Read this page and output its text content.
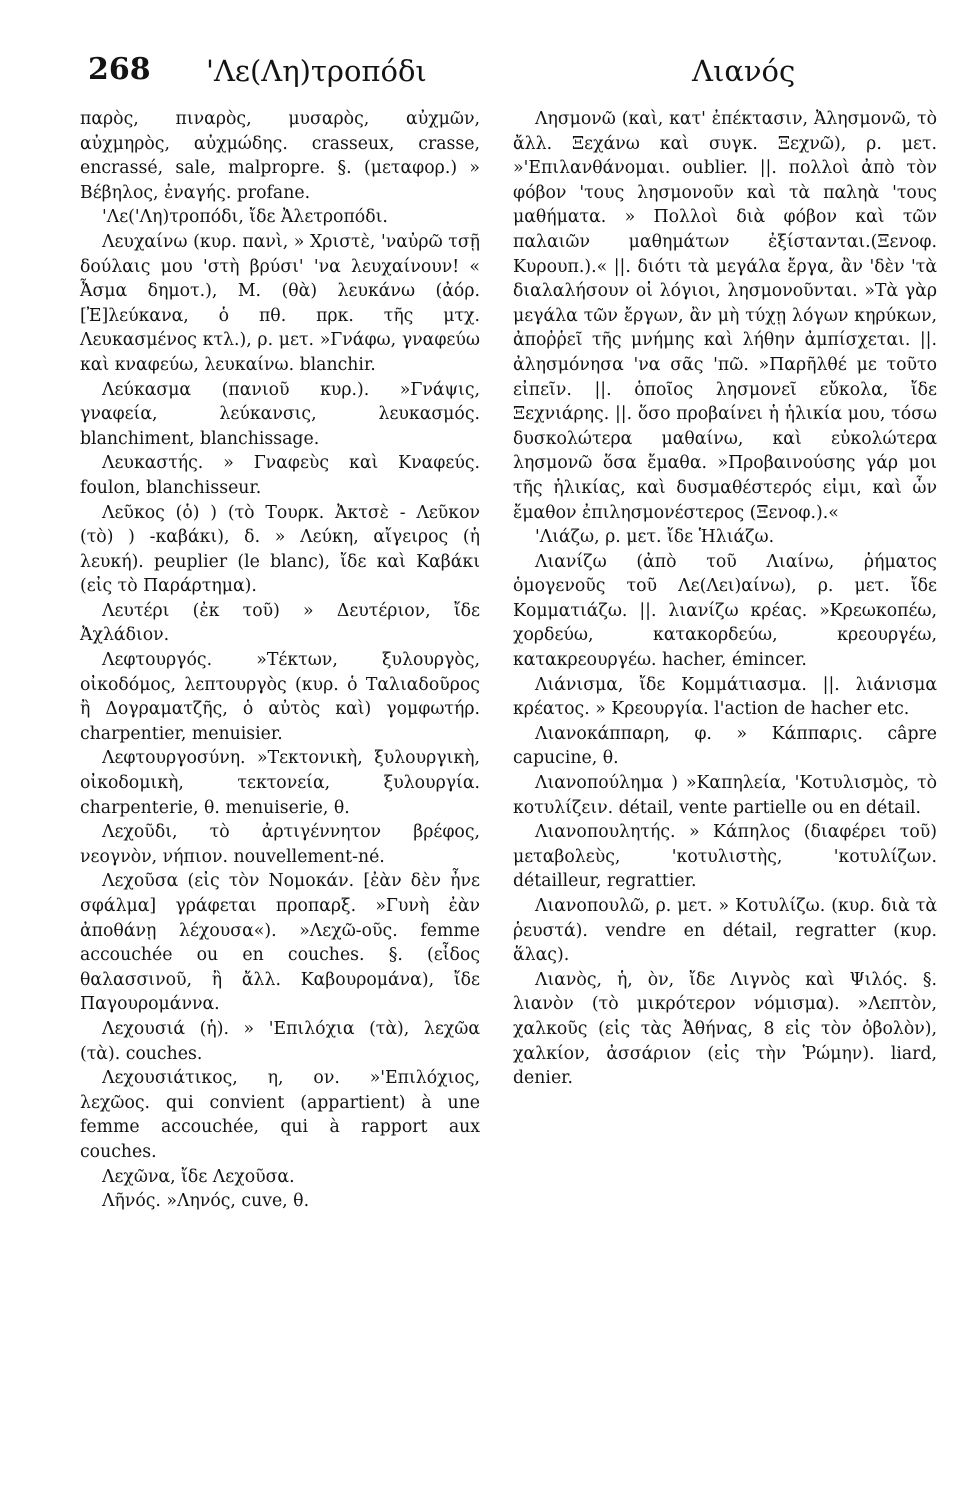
268 'Λε(Λη)τροπόδι	Λιανός

παρὸς, πιναρὸς, μυσαρὸς, αὐχμῶν, αὐχμηρὸς, αὐχμώδης. crasseux, crasse, encrassé, sale, malpropre. §. (μεταφορ.) » Βέβηλος, ἐναγής. profane.

'Λε('Λη)τροπόδι, ἴδε Ἀλετροπόδι.

Λευχαίνω (κυρ. πανὶ, » Χριστὲ, 'ναὐρῶ τσῇ δούλαις μου 'στὴ βρύσι' 'να λευχαίνουν! « Ἆσμα δημοτ.), Μ. (θὰ) λευκάνω (ἀόρ. [Ἐ]λεύκανα, ὁ πθ. πρκ. τῆς μτχ. Λευκασμένος κτλ.), ρ. μετ. »Γνάφω, γναφεύω καὶ κναφεύω, λευκαίνω. blanchir.

Λεύκασμα (πανιοῦ κυρ.). »Γνάψις, γναφεία, λεύκανσις, λευκασμός. blanchiment, blanchissage.

Λευκαστής. » Γναφεὺς καὶ Κναφεύς. foulon, blanchisseur.

Λεῦκος (ὁ) ) (τὸ Τουρκ. Ἀκτσὲ - Λεῦκον (τὸ) ) -καβάκι), δ. » Λεύκη, αἴγειρος (ἡ λευκή). peuplier (le blanc), ἴδε καὶ Καβάκι (εἰς τὸ Παράρτημα).

Λευτέρι (ἐκ τοῦ) » Δευτέριον, ἴδε Ἀχλάδιον.

Λεφτουργός. »Τέκτων, ξυλουργὸς, οἰκοδόμος, λεπτουργὸς (κυρ. ὁ Ταλιαδοῦρος ἢ Δογραματζῆς, ὁ αὐτὸς καὶ) γομφωτήρ. charpentier, menuisier.

Λεφτουργοσύνη. »Τεκτονικὴ, ξυλουργικὴ, οἰκοδομικὴ, τεκτονεία, ξυλουργία. charpenterie, θ. menuiserie, θ.

Λεχοῦδι, τὸ ἀρτιγέννητον βρέφος, νεογνὸν, νήπιον. nouvellement-né.

Λεχοῦσα (εἰς τὸν Νομοκάν. [ἐὰν δὲν ἦνε σφάλμα] γράφεται προπαρξ. »Γυνὴ ἐὰν ἀποθάνῃ λέχουσα«). »Λεχῶ-οῦς. femme accouchée ou en couches. §. (εἶδος θαλασσινοῦ, ἢ ἄλλ. Καβουρομάνα), ἴδε Παγουρομάννα.

Λεχουσιά (ἡ). » 'Επιλόχια (τὰ), λεχῶα (τὰ). couches.

Λεχουσιάτικος, η, ον. »'Επιλόχιος, λεχῶος. qui convient (appartient) à une femme accouchée, qui à rapport aux couches.

Λεχῶνα, ἴδε Λεχοῦσα.

Λῆνός. »Ληνός, cuve, θ.

Λησμονῶ (καὶ, κατ' ἐπέκτασιν, Ἀλησμονῶ, τὸ ἄλλ. Ξεχάνω καὶ συγκ. Ξεχνῶ), ρ. μετ. »'Επιλανθάνομαι. oublier. ||. πολλοὶ ἀπὸ τὸν φόβον 'τους λησμονοῦν καὶ τὰ παληὰ 'τους μαθήματα. » Πολλοὶ διὰ φόβον καὶ τῶν παλαιῶν μαθημάτων ἐξίστανται.(Ξενοφ. Κυρουπ.).« ||. διότι τὰ μεγάλα ἔργα, ἂν 'δὲν 'τὰ διαλαλήσουν οἱ λόγιοι, λησμονοῦνται. »Τὰ γὰρ μεγάλα τῶν ἔργων, ἂν μὴ τύχῃ λόγων κηρύκων, ἀποῤῥεῖ τῆς μνήμης καὶ λήθην ἀμπίσχεται. ||. ἀλησμόνησα 'να σᾶς 'πῶ. »Παρῆλθέ με τοῦτο εἰπεῖν. ||. ὁποῖος λησμονεῖ εὔκολα, ἴδε Ξεχνιάρης. ||. ὅσο προβαίνει ἡ ἡλικία μου, τόσω δυσκολώτερα μαθαίνω, καὶ εὐκολώτερα λησμονῶ ὅσα ἔμαθα. »Προβαινούσης γάρ μοι τῆς ἡλικίας, καὶ δυσμαθέστερός εἰμι, καὶ ὧν ἔμαθον ἐπιλησμονέστερος (Ξενοφ.).«

'Λιάζω, ρ. μετ. ἴδε Ἡλιάζω.

Λιανίζω (ἀπὸ τοῦ Λιαίνω, ῥήματος ὁμογενοῦς τοῦ Λε(Λει)αίνω), ρ. μετ. ἴδε Κομματιάζω. ||. λιανίζω κρέας. »Κρεωκοπέω, χορδεύω, κατακορδεύω, κρεουργέω, κατακρεουργέω. hacher, émincer.

Λιάνισμα, ἴδε Κομμάτιασμα. ||. λιάνισμα κρέατος. » Κρεουργία. l'action de hacher etc.

Λιανοκάππαρη, φ. » Κάππαρις. câpre capucine, θ.

Λιανοπούλημα ) »Καπηλεία, 'Κοτυλισμὸς, τὸ κοτυλίζειν. détail, vente partielle ou en détail.

Λιανοπουλητής. » Κάπηλος (διαφέρει τοῦ) μεταβολεὺς, 'κοτυλιστὴς, 'κοτυλίζων. détailleur, regrattier.

Λιανοπουλῶ, ρ. μετ. » Κοτυλίζω. (κυρ. διὰ τὰ ῥευστά). vendre en détail, regratter (κυρ. ἅλας).

Λιανὸς, ἡ, ὸν, ἴδε Λιγνὸς καὶ Ψιλός. §. λιανὸν (τὸ μικρότερον νόμισμα). »Λεπτὸν, χαλκοῦς (εἰς τὰς Ἀθήνας, 8 εἰς τὸν ὀβολὸν), χαλκίον, ἀσσάριον (εἰς τὴν Ῥώμην). liard, denier.
